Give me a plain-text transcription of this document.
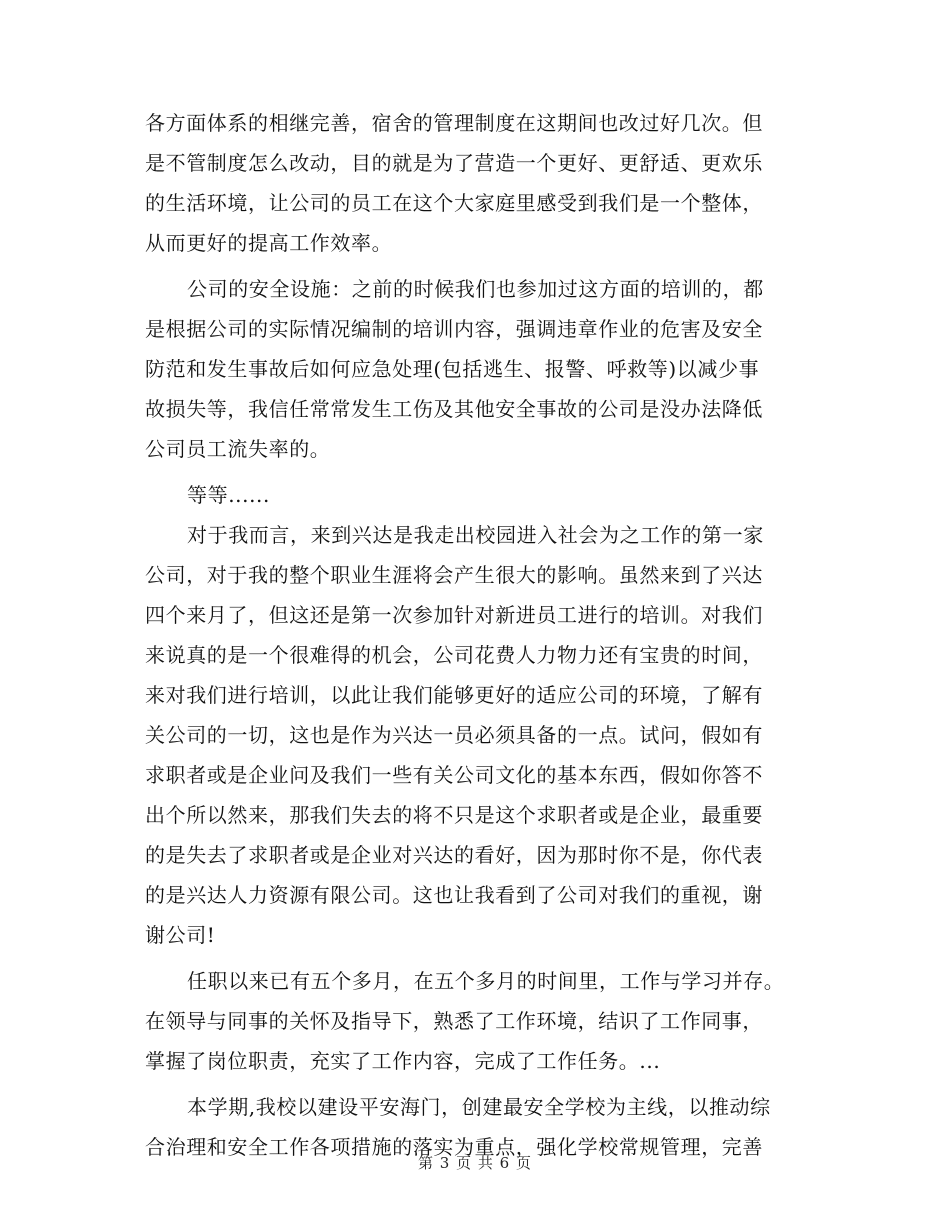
各方面体系的相继完善，宿舍的管理制度在这期间也改过好几次。但
是不管制度怎么改动，目的就是为了营造一个更好、更舒适、更欢乐
的生活环境，让公司的员工在这个大家庭里感受到我们是一个整体，
从而更好的提高工作效率。
公司的安全设施：之前的时候我们也参加过这方面的培训的，都
是根据公司的实际情况编制的培训内容，强调违章作业的危害及安全
防范和发生事故后如何应急处理(包括逃生、报警、呼救等)以减少事
故损失等，我信任常常发生工伤及其他安全事故的公司是没办法降低
公司员工流失率的。
等等......
对于我而言，来到兴达是我走出校园进入社会为之工作的第一家
公司，对于我的整个职业生涯将会产生很大的影响。虽然来到了兴达
四个来月了，但这还是第一次参加针对新进员工进行的培训。对我们
来说真的是一个很难得的机会，公司花费人力物力还有宝贵的时间，
来对我们进行培训，以此让我们能够更好的适应公司的环境，了解有
关公司的一切，这也是作为兴达一员必须具备的一点。试问，假如有
求职者或是企业问及我们一些有关公司文化的基本东西，假如你答不
出个所以然来，那我们失去的将不只是这个求职者或是企业，最重要
的是失去了求职者或是企业对兴达的看好，因为那时你不是，你代表
的是兴达人力资源有限公司。这也让我看到了公司对我们的重视，谢
谢公司!
任职以来已有五个多月，在五个多月的时间里，工作与学习并存。
在领导与同事的关怀及指导下，熟悉了工作环境，结识了工作同事，
掌握了岗位职责，充实了工作内容，完成了工作任务。...
本学期,我校以建设平安海门，创建最安全学校为主线，以推动综
合治理和安全工作各项措施的落实为重点，强化学校常规管理，完善
第 3 页 共 6 页
